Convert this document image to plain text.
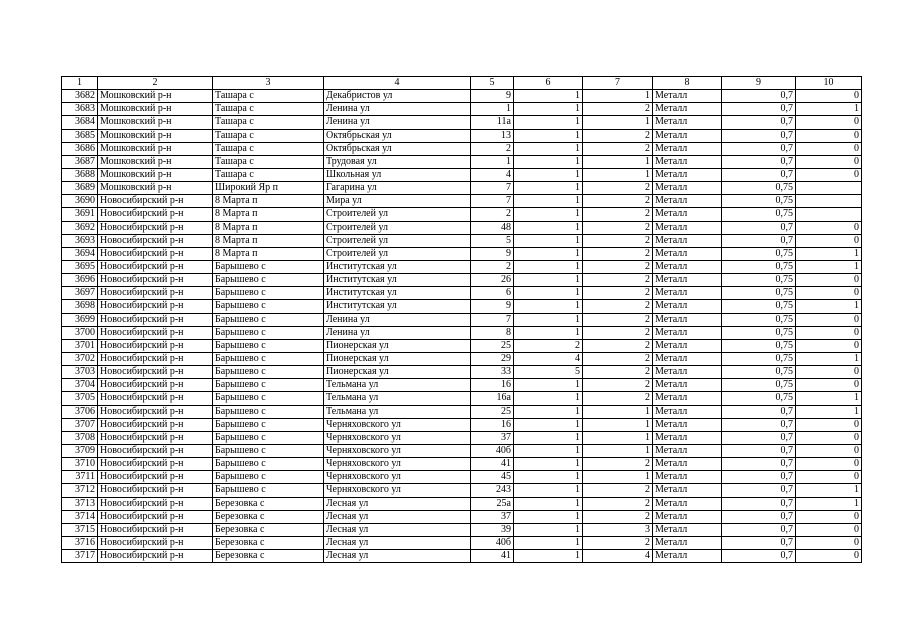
1	2	3	4	5	6	7	8	9	10
3682	Мошковский р-н	Ташара с	Декабристов ул	9	1	1	Металл	0,7	0
3683	Мошковский р-н	Ташара с	Ленина ул	1	1	2	Металл	0,7	1
3684	Мошковский р-н	Ташара с	Ленина ул	11а	1	1	Металл	0,7	0
3685	Мошковский р-н	Ташара с	Октябрьская ул	13	1	2	Металл	0,7	0
3686	Мошковский р-н	Ташара с	Октябрьская ул	2	1	2	Металл	0,7	0
3687	Мошковский р-н	Ташара с	Трудовая ул	1	1	1	Металл	0,7	0
3688	Мошковский р-н	Ташара с	Школьная ул	4	1	1	Металл	0,7	0
3689	Мошковский р-н	Широкий Яр п	Гагарина ул	7	1	2	Металл	0,75	
3690	Новосибирский р-н	8 Марта п	Мира ул	7	1	2	Металл	0,75	
3691	Новосибирский р-н	8 Марта п	Строителей ул	2	1	2	Металл	0,75	
3692	Новосибирский р-н	8 Марта п	Строителей ул	48	1	2	Металл	0,7	0
3693	Новосибирский р-н	8 Марта п	Строителей ул	5	1	2	Металл	0,7	0
3694	Новосибирский р-н	8 Марта п	Строителей ул	9	1	2	Металл	0,75	1
3695	Новосибирский р-н	Барышево с	Институтская ул	2	1	2	Металл	0,75	1
3696	Новосибирский р-н	Барышево с	Институтская ул	26	1	2	Металл	0,75	0
3697	Новосибирский р-н	Барышево с	Институтская ул	6	1	2	Металл	0,75	0
3698	Новосибирский р-н	Барышево с	Институтская ул	9	1	2	Металл	0,75	1
3699	Новосибирский р-н	Барышево с	Ленина ул	7	1	2	Металл	0,75	0
3700	Новосибирский р-н	Барышево с	Ленина ул	8	1	2	Металл	0,75	0
3701	Новосибирский р-н	Барышево с	Пионерская ул	25	2	2	Металл	0,75	0
3702	Новосибирский р-н	Барышево с	Пионерская ул	29	4	2	Металл	0,75	1
3703	Новосибирский р-н	Барышево с	Пионерская ул	33	5	2	Металл	0,75	0
3704	Новосибирский р-н	Барышево с	Тельмана ул	16	1	2	Металл	0,75	0
3705	Новосибирский р-н	Барышево с	Тельмана ул	16а	1	2	Металл	0,75	1
3706	Новосибирский р-н	Барышево с	Тельмана ул	25	1	1	Металл	0,7	1
3707	Новосибирский р-н	Барышево с	Черняховского ул	16	1	1	Металл	0,7	0
3708	Новосибирский р-н	Барышево с	Черняховского ул	37	1	1	Металл	0,7	0
3709	Новосибирский р-н	Барышево с	Черняховского ул	40б	1	1	Металл	0,7	0
3710	Новосибирский р-н	Барышево с	Черняховского ул	41	1	2	Металл	0,7	0
3711	Новосибирский р-н	Барышево с	Черняховского ул	45	1	1	Металл	0,7	0
3712	Новосибирский р-н	Барышево с	Черняховского ул	243	1	2	Металл	0,7	1
3713	Новосибирский р-н	Березовка с	Лесная ул	25а	1	2	Металл	0,7	1
3714	Новосибирский р-н	Березовка с	Лесная ул	37	1	2	Металл	0,7	0
3715	Новосибирский р-н	Березовка с	Лесная ул	39	1	3	Металл	0,7	0
3716	Новосибирский р-н	Березовка с	Лесная ул	40б	1	2	Металл	0,7	0
3717	Новосибирский р-н	Березовка с	Лесная ул	41	1	4	Металл	0,7	0
